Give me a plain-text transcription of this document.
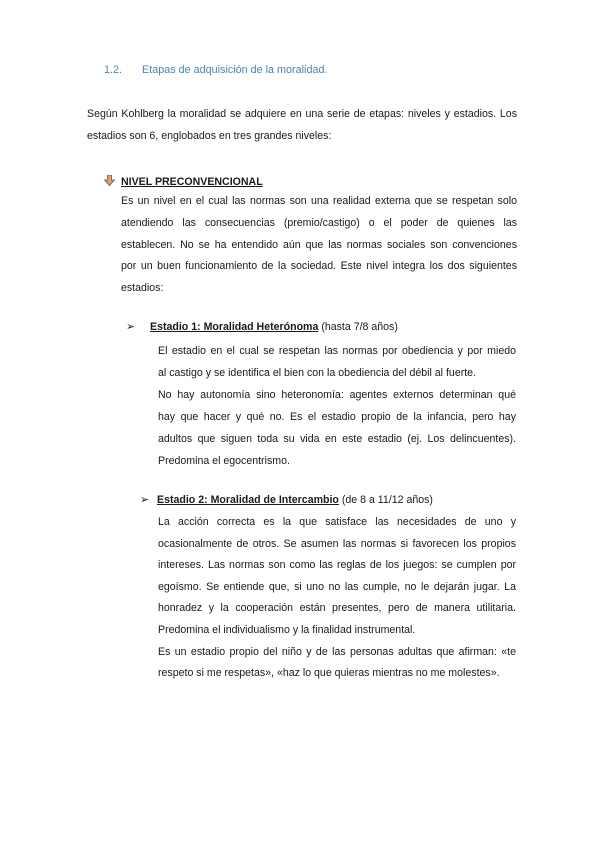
1.2. Etapas de adquisición de la moralidad.
Según Kohlberg la moralidad se adquiere en una serie de etapas: niveles y estadios. Los
estadios son 6, englobados en tres grandes niveles:
NIVEL PRECONVENCIONAL
Es un nivel en el cual las normas son una realidad externa que se respetan solo
atendiendo las consecuencias (premio/castigo) o el poder de quienes las
establecen. No se ha entendido aún que las normas sociales son convenciones
por un buen funcionamiento de la sociedad. Este nivel integra los dos siguientes
estadios:
➢ Estadio 1: Moralidad Heterónoma (hasta 7/8 años)
El estadio en el cual se respetan las normas por obediencia y por miedo
al castigo y se identifica el bien con la obediencia del débil al fuerte.
No hay autonomía sino heteronomía: agentes externos determinan qué
hay que hacer y qué no. Es el estadio propio de la infancia, pero hay
adultos que siguen toda su vida en este estadio (ej. Los delincuentes).
Predomina el egocentrismo.
➢ Estadio 2: Moralidad de Intercambio (de 8 a 11/12 años)
La acción correcta es la que satisface las necesidades de uno y
ocasionalmente de otros. Se asumen las normas si favorecen los propios
intereses. Las normas son como las reglas de los juegos: se cumplen por
egoísmo. Se entiende que, si uno no las cumple, no le dejarán jugar. La
honradez y la cooperación están presentes, pero de manera utilitaria.
Predomina el individualismo y la finalidad instrumental.
Es un estadio propio del niño y de las personas adultas que afirman: «te
respeto si me respetas», «haz lo que quieras mientras no me molestes».
